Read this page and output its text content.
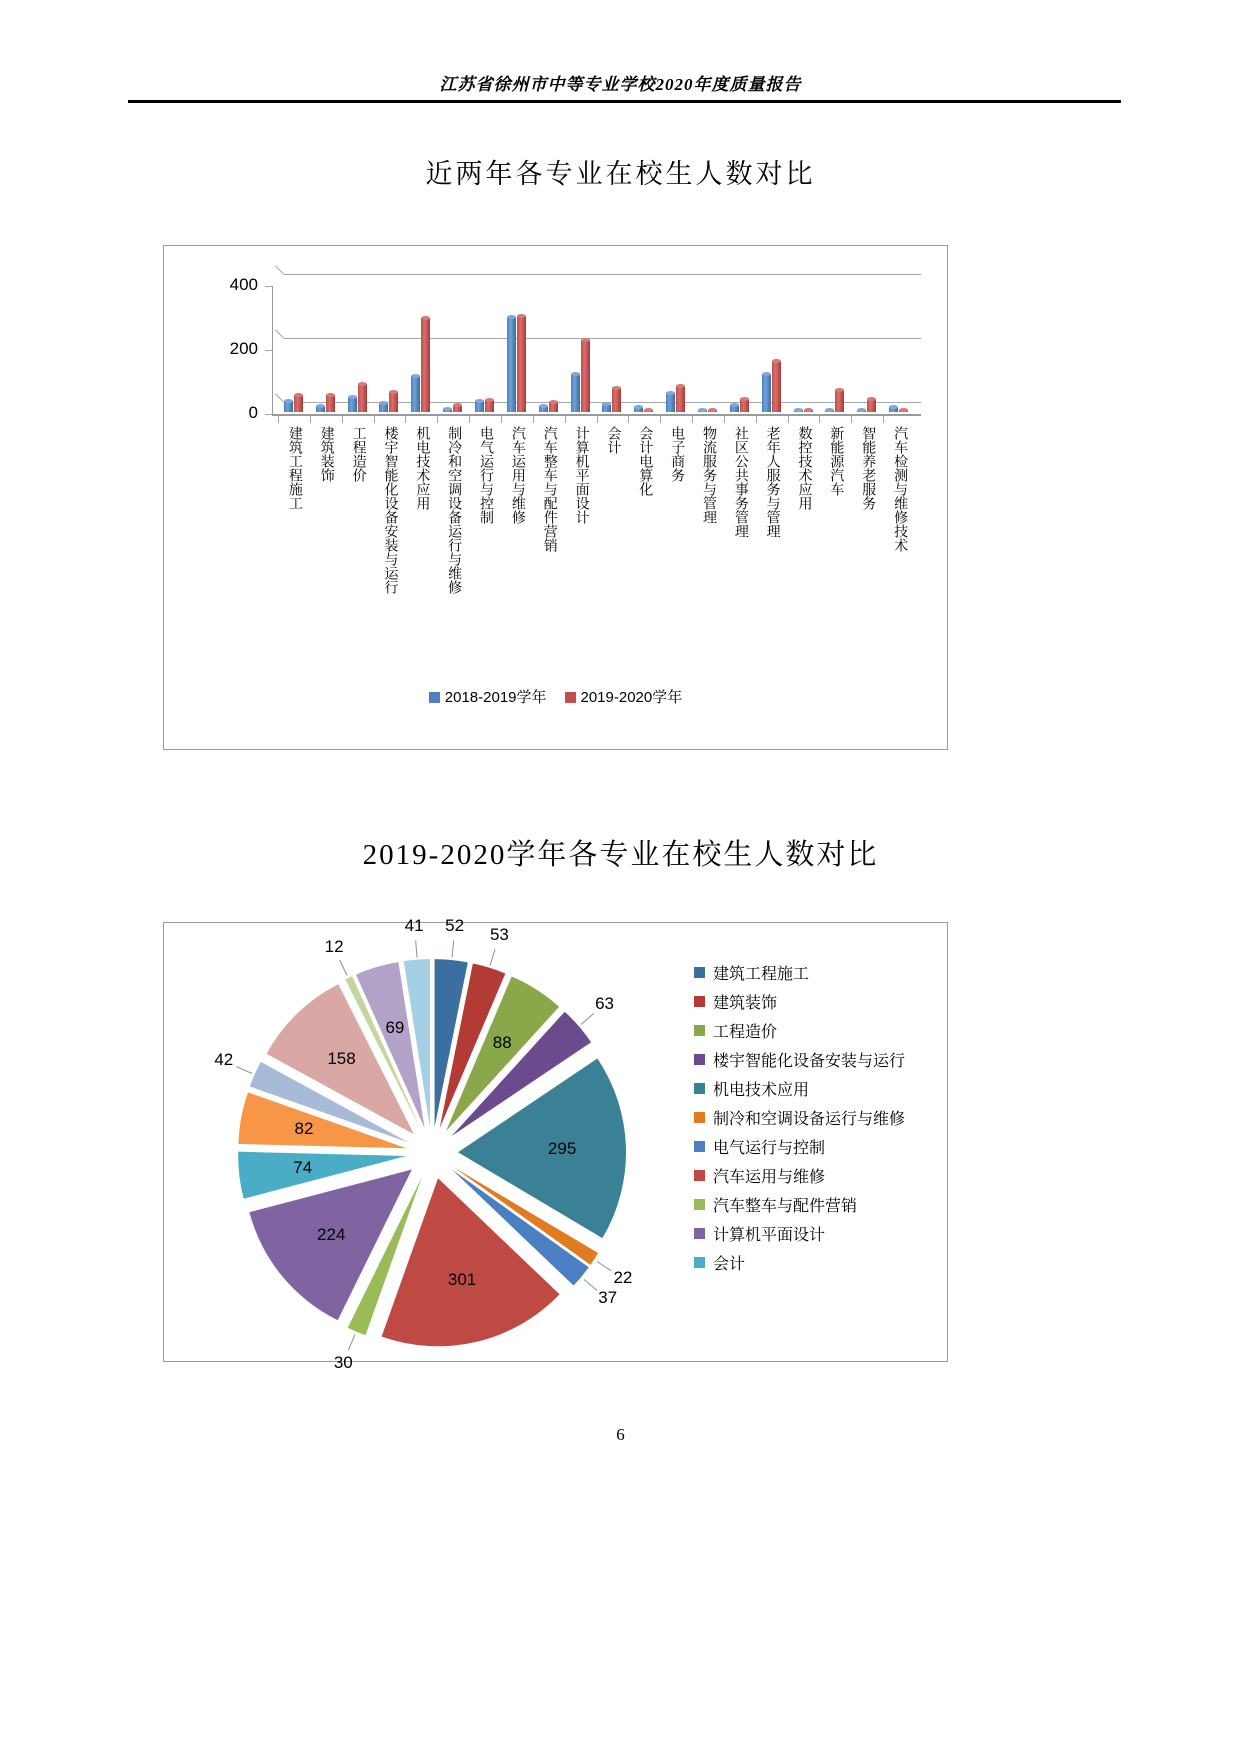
江苏省徐州市中等专业学校2020年度质量报告
近两年各专业在校生人数对比
0
200
400
建筑工程施工 建筑装饰 工程造价 楼宇智能化设备安装与运行 机电技术应用 制冷和空调设备运行与维修 电气运行与控制 汽车运用与维修 汽车整车与配件营销 计算机平面设计 会计 会计电算化 电子商务 物流服务与管理 社区公共事务管理 老年人服务与管理 数控技术应用 新能源汽车 智能养老服务 汽车检测与维修技术
2018-2019学年 2019-2020学年
2019-2020学年各专业在校生人数对比
52 53
88
63
295
22
37
301
30
224
74
82
42	158
12
69
41
建筑工程施工
建筑装饰
工程造价
楼宇智能化设备安装与运行
机电技术应用
制冷和空调设备运行与维修
电气运行与控制
汽车运用与维修
汽车整车与配件营销
计算机平面设计
会计
6
